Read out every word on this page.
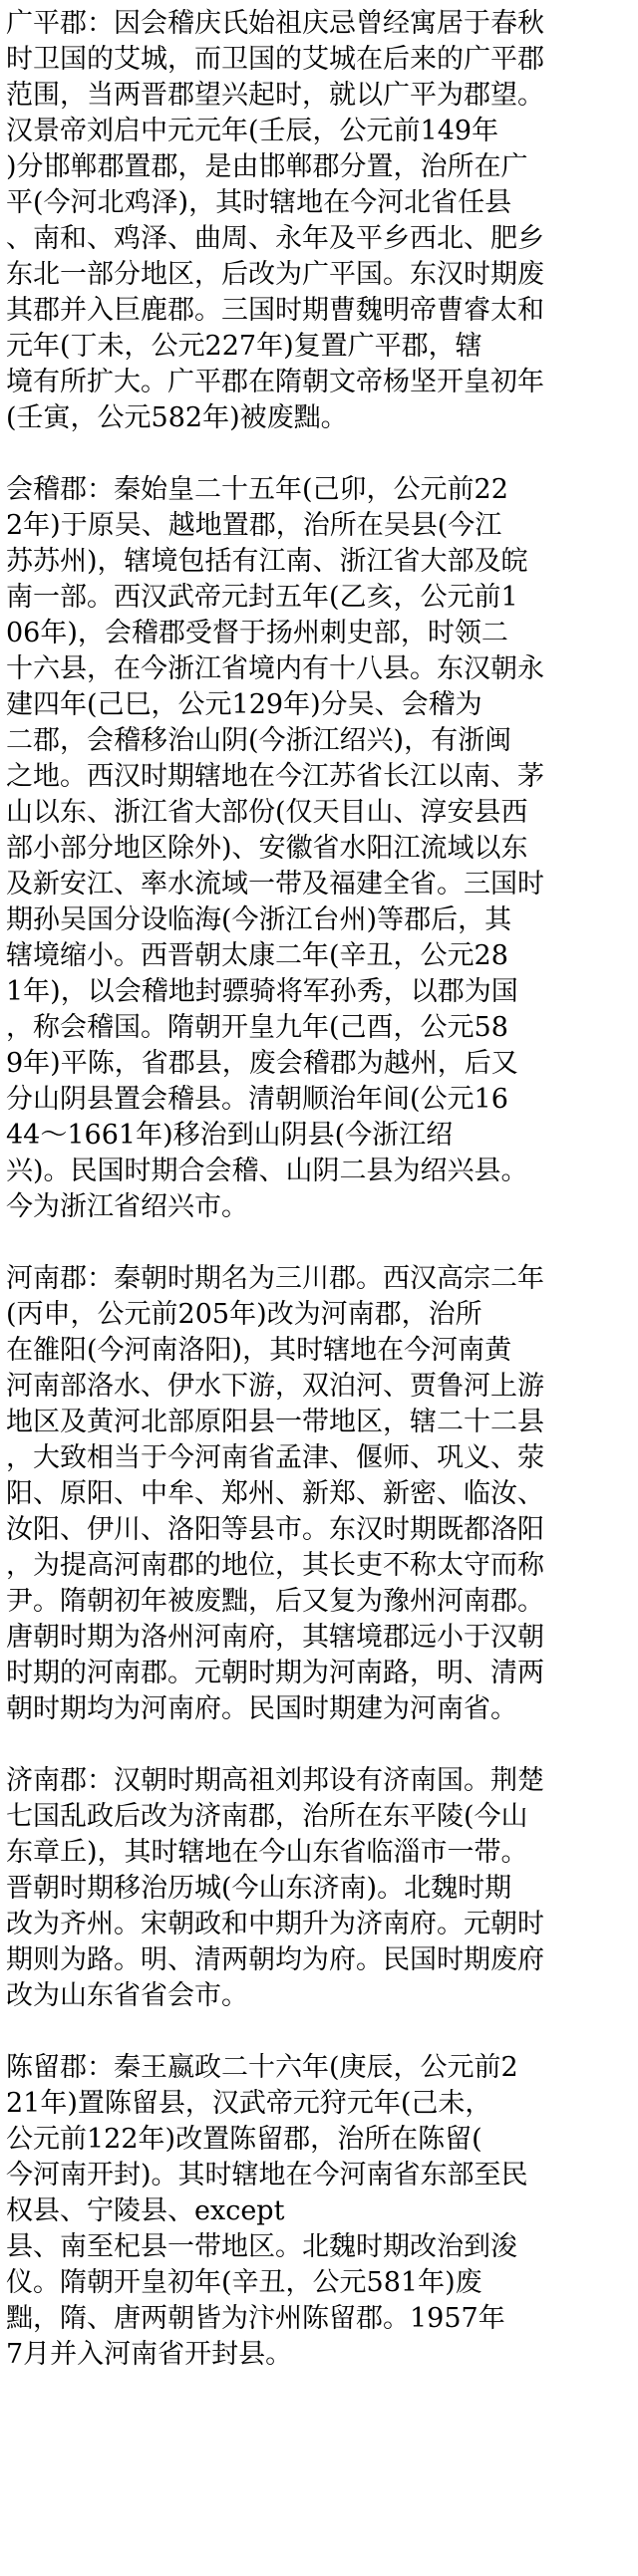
广平郡：因会稽庆氏始祖庆忌曾经寓居于春秋
时卫国的艾城，而卫国的艾城在后来的广平郡
范围，当两晋郡望兴起时，就以广平为郡望。
汉景帝刘启中元元年(壬辰，公元前149年
)分邯郸郡置郡，是由邯郸郡分置，治所在广
平(今河北鸡泽)，其时辖地在今河北省任县
、南和、鸡泽、曲周、永年及平乡西北、肥乡
东北一部分地区，后改为广平国。东汉时期废
其郡并入巨鹿郡。三国时期曹魏明帝曹睿太和
元年(丁未，公元227年)复置广平郡，辖
境有所扩大。广平郡在隋朝文帝杨坚开皇初年
(壬寅，公元582年)被废黜。
会稽郡：秦始皇二十五年(己卯，公元前22
2年)于原吴、越地置郡，治所在吴县(今江
苏苏州)，辖境包括有江南、浙江省大部及皖
南一部。西汉武帝元封五年(乙亥，公元前1
06年)，会稽郡受督于扬州刺史部，时领二
十六县，在今浙江省境内有十八县。东汉朝永
建四年(己巳，公元129年)分吴、会稽为
二郡，会稽移治山阴(今浙江绍兴)，有浙闽
之地。西汉时期辖地在今江苏省长江以南、茅
山以东、浙江省大部份(仅天目山、淳安县西
部小部分地区除外)、安徽省水阳江流域以东
及新安江、率水流域一带及福建全省。三国时
期孙吴国分设临海(今浙江台州)等郡后，其
辖境缩小。西晋朝太康二年(辛丑，公元28
1年)，以会稽地封骠骑将军孙秀，以郡为国
，称会稽国。隋朝开皇九年(己酉，公元58
9年)平陈，省郡县，废会稽郡为越州，后又
分山阴县置会稽县。清朝顺治年间(公元16
44～1661年)移治到山阴县(今浙江绍
兴)。民国时期合会稽、山阴二县为绍兴县。
今为浙江省绍兴市。
河南郡：秦朝时期名为三川郡。西汉高宗二年
(丙申，公元前205年)改为河南郡，治所
在雒阳(今河南洛阳)，其时辖地在今河南黄
河南部洛水、伊水下游，双泊河、贾鲁河上游
地区及黄河北部原阳县一带地区，辖二十二县
，大致相当于今河南省孟津、偃师、巩义、荥
阳、原阳、中牟、郑州、新郑、新密、临汝、
汝阳、伊川、洛阳等县市。东汉时期既都洛阳
，为提高河南郡的地位，其长吏不称太守而称
尹。隋朝初年被废黜，后又复为豫州河南郡。
唐朝时期为洛州河南府，其辖境郡远小于汉朝
时期的河南郡。元朝时期为河南路，明、清两
朝时期均为河南府。民国时期建为河南省。
济南郡：汉朝时期高祖刘邦设有济南国。荆楚
七国乱政后改为济南郡，治所在东平陵(今山
东章丘)，其时辖地在今山东省临淄市一带。
晋朝时期移治历城(今山东济南)。北魏时期
改为齐州。宋朝政和中期升为济南府。元朝时
期则为路。明、清两朝均为府。民国时期废府
改为山东省省会市。
陈留郡：秦王嬴政二十六年(庚辰，公元前2
21年)置陈留县，汉武帝元狩元年(己未，
公元前122年)改置陈留郡，治所在陈留(
今河南开封)。其时辖地在今河南省东部至民
权县、宁陵县、except
县、南至杞县一带地区。北魏时期改治到浚
仪。隋朝开皇初年(辛丑，公元581年)废
黜，隋、唐两朝皆为汴州陈留郡。1957年
7月并入河南省开封县。
